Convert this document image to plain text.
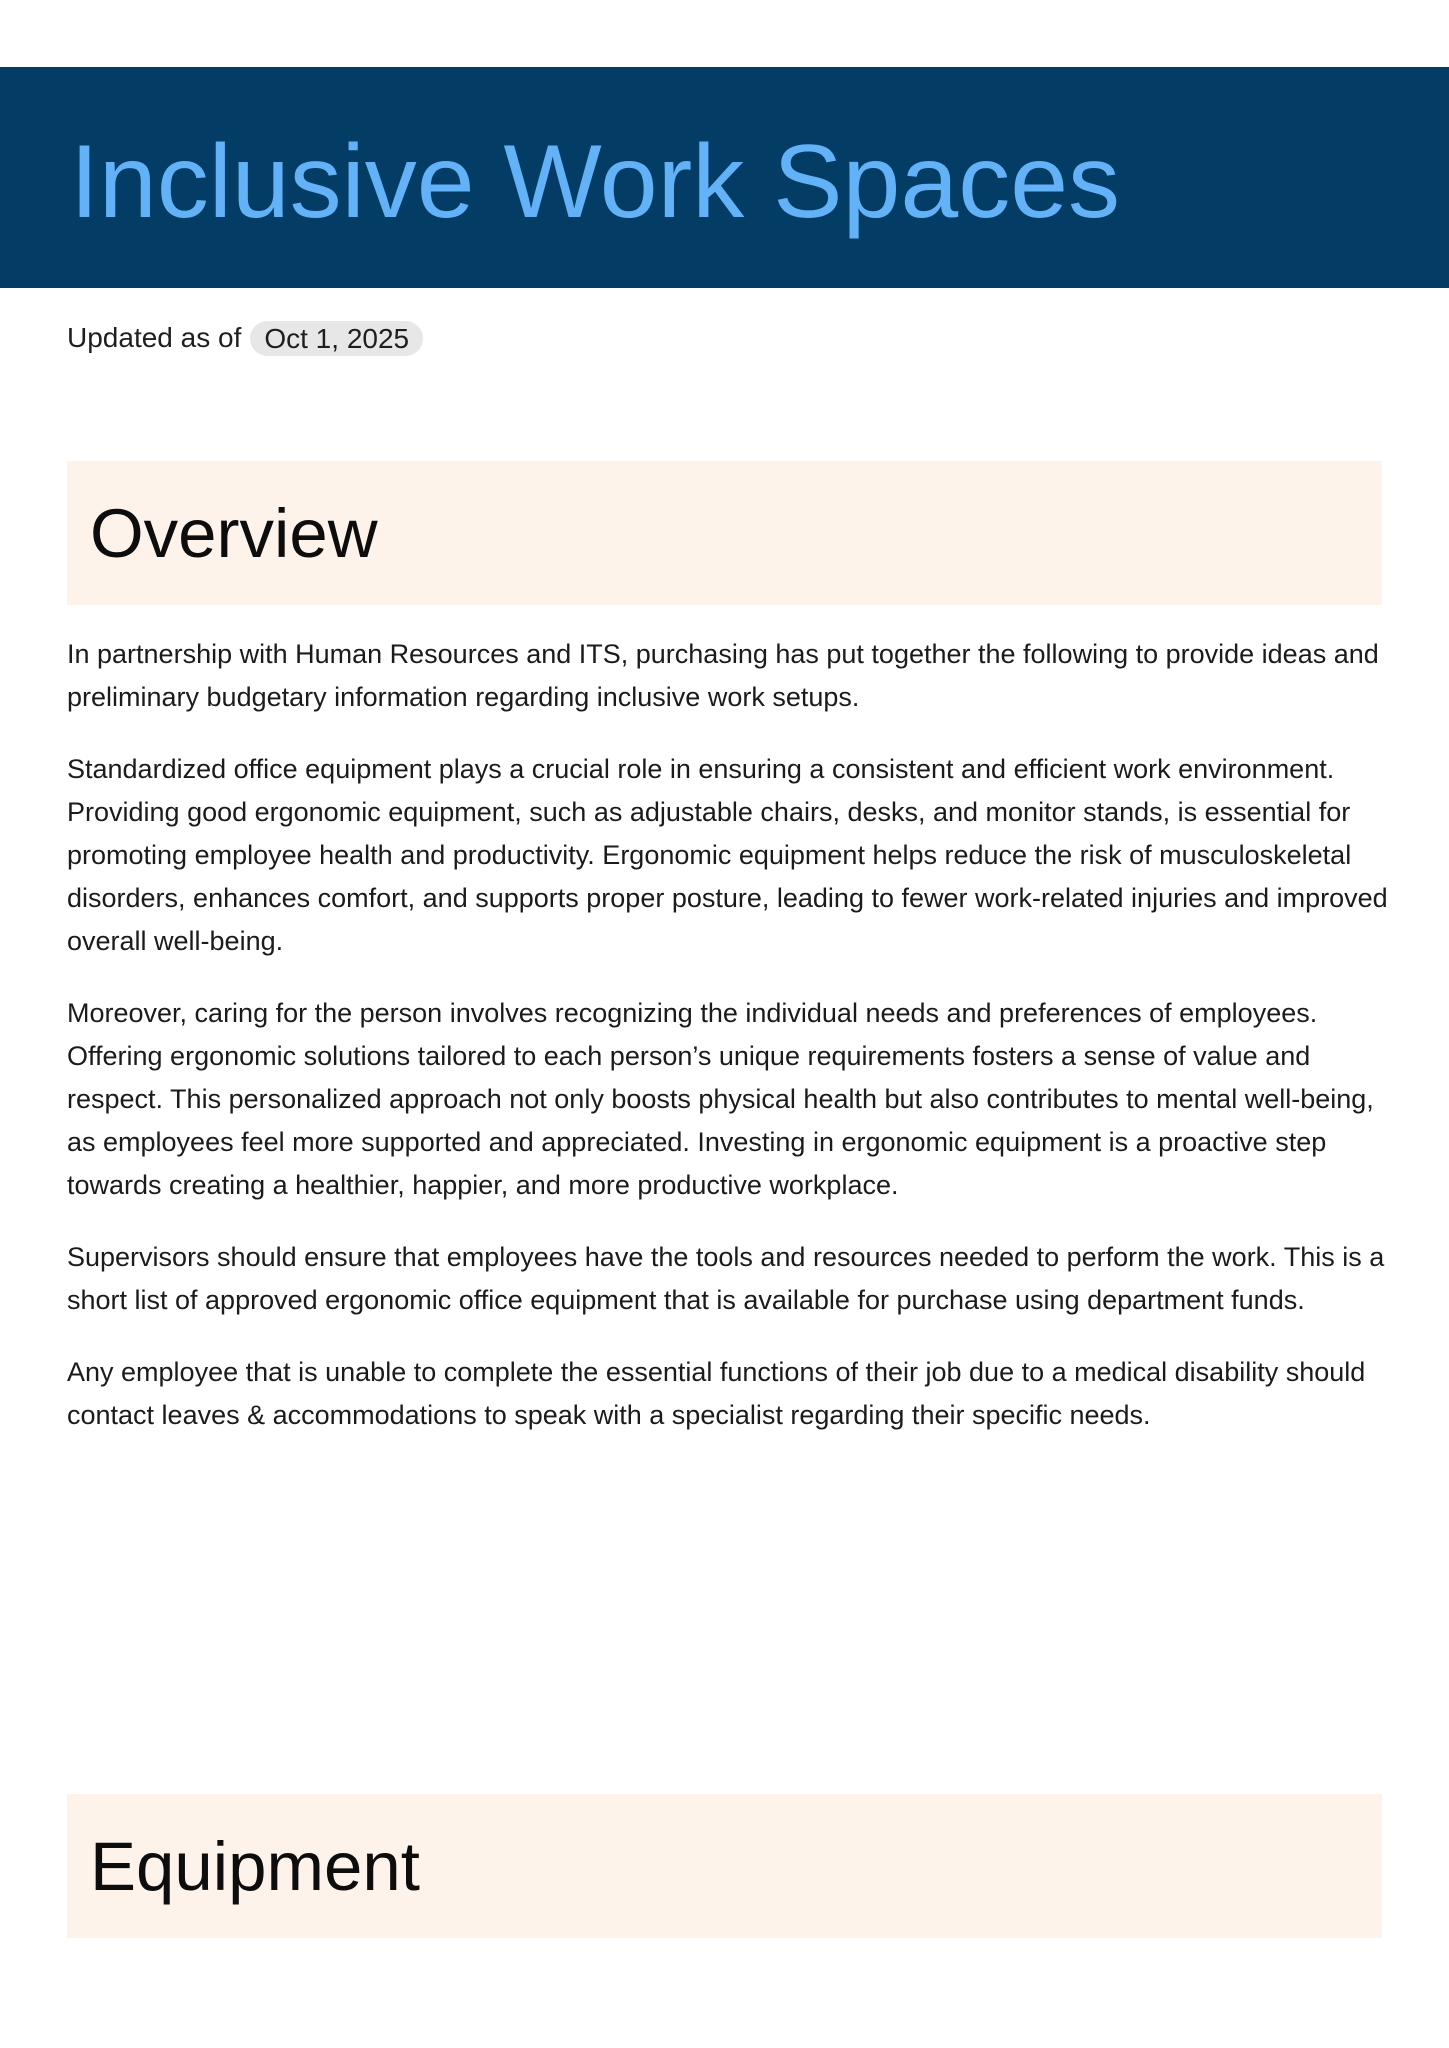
Inclusive Work Spaces
Updated as of Oct 1, 2025
Overview

In partnership with Human Resources and ITS, purchasing has put together the following to provide ideas and preliminary budgetary information regarding inclusive work setups.

Standardized office equipment plays a crucial role in ensuring a consistent and efficient work environment. Providing good ergonomic equipment, such as adjustable chairs, desks, and monitor stands, is essential for promoting employee health and productivity. Ergonomic equipment helps reduce the risk of musculoskeletal disorders, enhances comfort, and supports proper posture, leading to fewer work-related injuries and improved overall well-being.

Moreover, caring for the person involves recognizing the individual needs and preferences of employees. Offering ergonomic solutions tailored to each person’s unique requirements fosters a sense of value and respect. This personalized approach not only boosts physical health but also contributes to mental well-being, as employees feel more supported and appreciated. Investing in ergonomic equipment is a proactive step towards creating a healthier, happier, and more productive workplace.

Supervisors should ensure that employees have the tools and resources needed to perform the work. This is a short list of approved ergonomic office equipment that is available for purchase using department funds.

Any employee that is unable to complete the essential functions of their job due to a medical disability should contact leaves & accommodations to speak with a specialist regarding their specific needs.

Equipment
